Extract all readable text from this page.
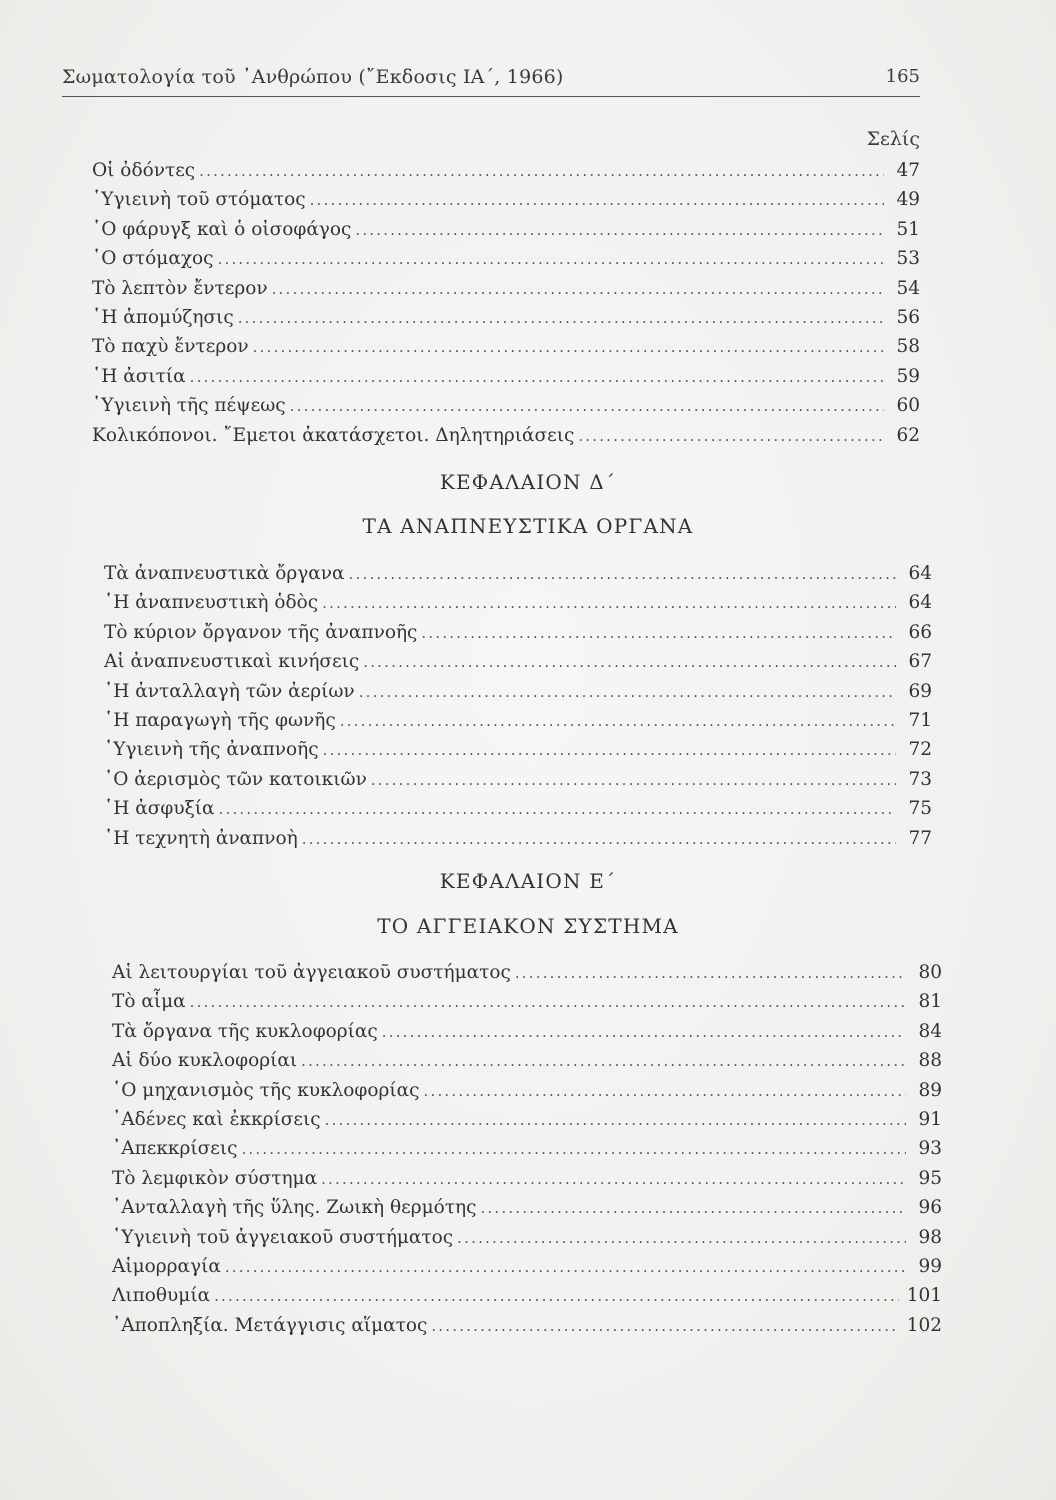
Σωματολογία τοῦ ᾿Ανθρώπου (῎Εκδοσις ΙΑ΄, 1966)	165
Σελίς
Οἱ ὀδόντες .....	47
῾Υγιεινὴ τοῦ στόματος .....	49
῾Ο φάρυγξ καὶ ὁ οἰσοφάγος .....	51
῾Ο στόμαχος .....	53
Τὸ λεπτὸν ἔντερον .....	54
῾Η ἀπομύζησις .....	56
Τὸ παχὺ ἔντερον .....	58
῾Η ἀσιτία .....	59
῾Υγιεινὴ τῆς πέψεως .....	60
Κολικόπονοι. ῎Εμετοι ἀκατάσχετοι. Δηλητηριάσεις .....	62
ΚΕΦΑΛΑΙΟΝ Δ΄
ΤΑ ΑΝΑΠΝΕΥΣΤΙΚΑ ΟΡΓΑΝΑ
Τὰ ἀναπνευστικὰ ὄργανα .....	64
῾Η ἀναπνευστικὴ ὁδὸς .....	64
Τὸ κύριον ὄργανον τῆς ἀναπνοῆς .....	66
Αἱ ἀναπνευστικαὶ κινήσεις .....	67
῾Η ἀνταλλαγὴ τῶν ἀερίων .....	69
῾Η παραγωγὴ τῆς φωνῆς .....	71
῾Υγιεινὴ τῆς ἀναπνοῆς .....	72
῾Ο ἀερισμὸς τῶν κατοικιῶν .....	73
῾Η ἀσφυξία .....	75
῾Η τεχνητὴ ἀναπνοὴ .....	77
ΚΕΦΑΛΑΙΟΝ Ε΄
ΤΟ ΑΓΓΕΙΑΚΟΝ ΣΥΣΤΗΜΑ
Αἱ λειτουργίαι τοῦ ἀγγειακοῦ συστήματος .....	80
Τὸ αἷμα .....	81
Τὰ ὄργανα τῆς κυκλοφορίας .....	84
Αἱ δύο κυκλοφορίαι .....	88
῾Ο μηχανισμὸς τῆς κυκλοφορίας .....	89
᾿Αδένες καὶ ἐκκρίσεις .....	91
᾿Απεκκρίσεις .....	93
Τὸ λεμφικὸν σύστημα .....	95
᾿Ανταλλαγὴ τῆς ὕλης. Ζωικὴ θερμότης .....	96
῾Υγιεινὴ τοῦ ἀγγειακοῦ συστήματος .....	98
Αἱμορραγία .....	99
Λιποθυμία .....	101
᾿Αποπληξία. Μετάγγισις αἵματος .....	102
